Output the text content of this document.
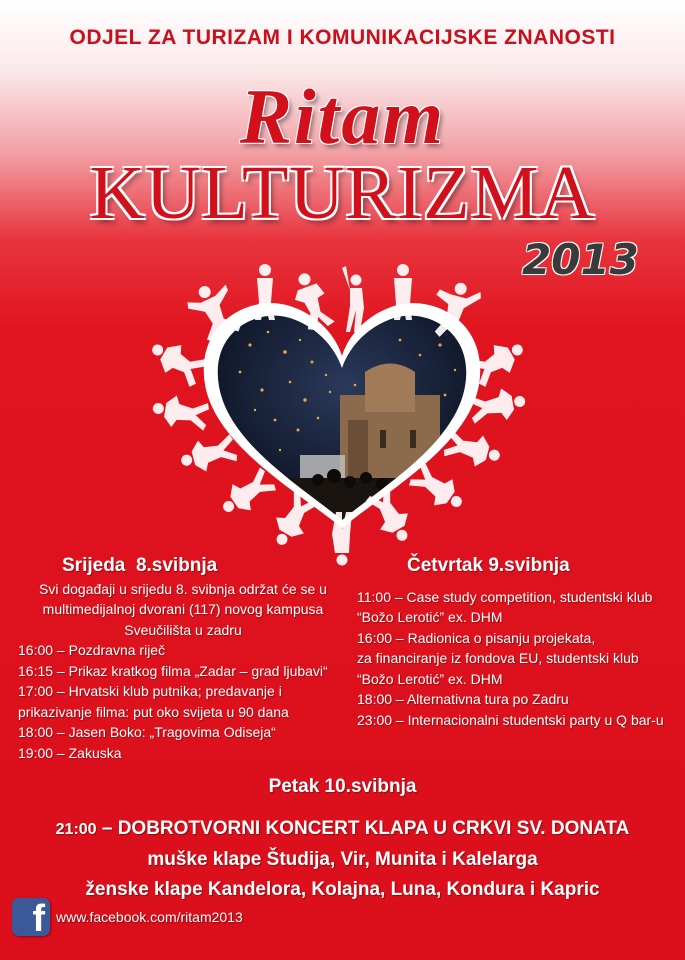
ODJEL ZA TURIZAM I KOMUNIKACIJSKE ZNANOSTI
Ritam
KULTURIZMA
2013
Srijeda 8.svibnja
Svi događaji u srijedu 8. svibnja održat će se u
multimedijalnoj dvorani (117) novog kampusa
Sveučilišta u zadru
16:00 – Pozdravna riječ
16:15 – Prikaz kratkog filma „Zadar – grad ljubavi“
17:00 – Hrvatski klub putnika; predavanje i
prikazivanje filma: put oko svijeta u 90 dana
18:00 – Jasen Boko: „Tragovima Odiseja“
19:00 – Zakuska
Četvrtak 9.svibnja
11:00 – Case study competition, studentski klub
“Božo Lerotić” ex. DHM
16:00 – Radionica o pisanju projekata,
za financiranje iz fondova EU, studentski klub
“Božo Lerotić” ex. DHM
18:00 – Alternativna tura po Zadru
23:00 – Internacionalni studentski party u Q bar-u
Petak 10.svibnja
21:00 – DOBROTVORNI KONCERT KLAPA U CRKVI SV. DONATA
muške klape Študija, Vir, Munita i Kalelarga
ženske klape Kandelora, Kolajna, Luna, Kondura i Kapric
f www.facebook.com/ritam2013
